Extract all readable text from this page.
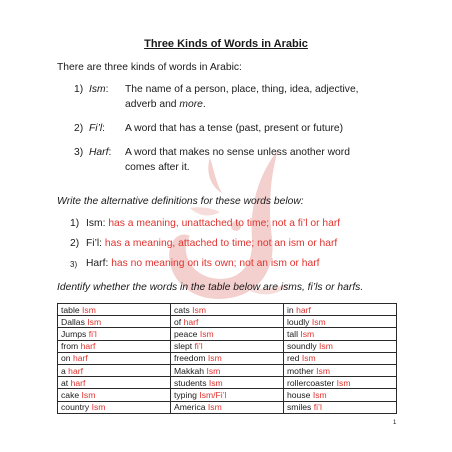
Three Kinds of Words in Arabic
There are three kinds of words in Arabic:
1) Ism: The name of a person, place, thing, idea, adjective,
adverb and more.
2) Fi’l: A word that has a tense (past, present or future)
3) Harf: A word that makes no sense unless another word
comes after it.
Write the alternative definitions for these words below:
1) Ism: has a meaning, unattached to time; not a fi’l or harf
2) Fi’l: has a meaning, attached to time; not an ism or harf
3) Harf: has no meaning on its own; not an ism or harf
Identify whether the words in the table below are isms, fi’ls or harfs.
table Ism	cats Ism	in harf
Dallas Ism	of harf	loudly Ism
Jumps fi’l	peace Ism	tall Ism
from harf	slept fi’l	soundly Ism
on harf	freedom Ism	red Ism
a harf	Makkah Ism	mother Ism
at harf	students Ism	rollercoaster Ism
cake Ism	typing Ism/Fi’l	house Ism
country Ism	America Ism	smiles fi’l
1
